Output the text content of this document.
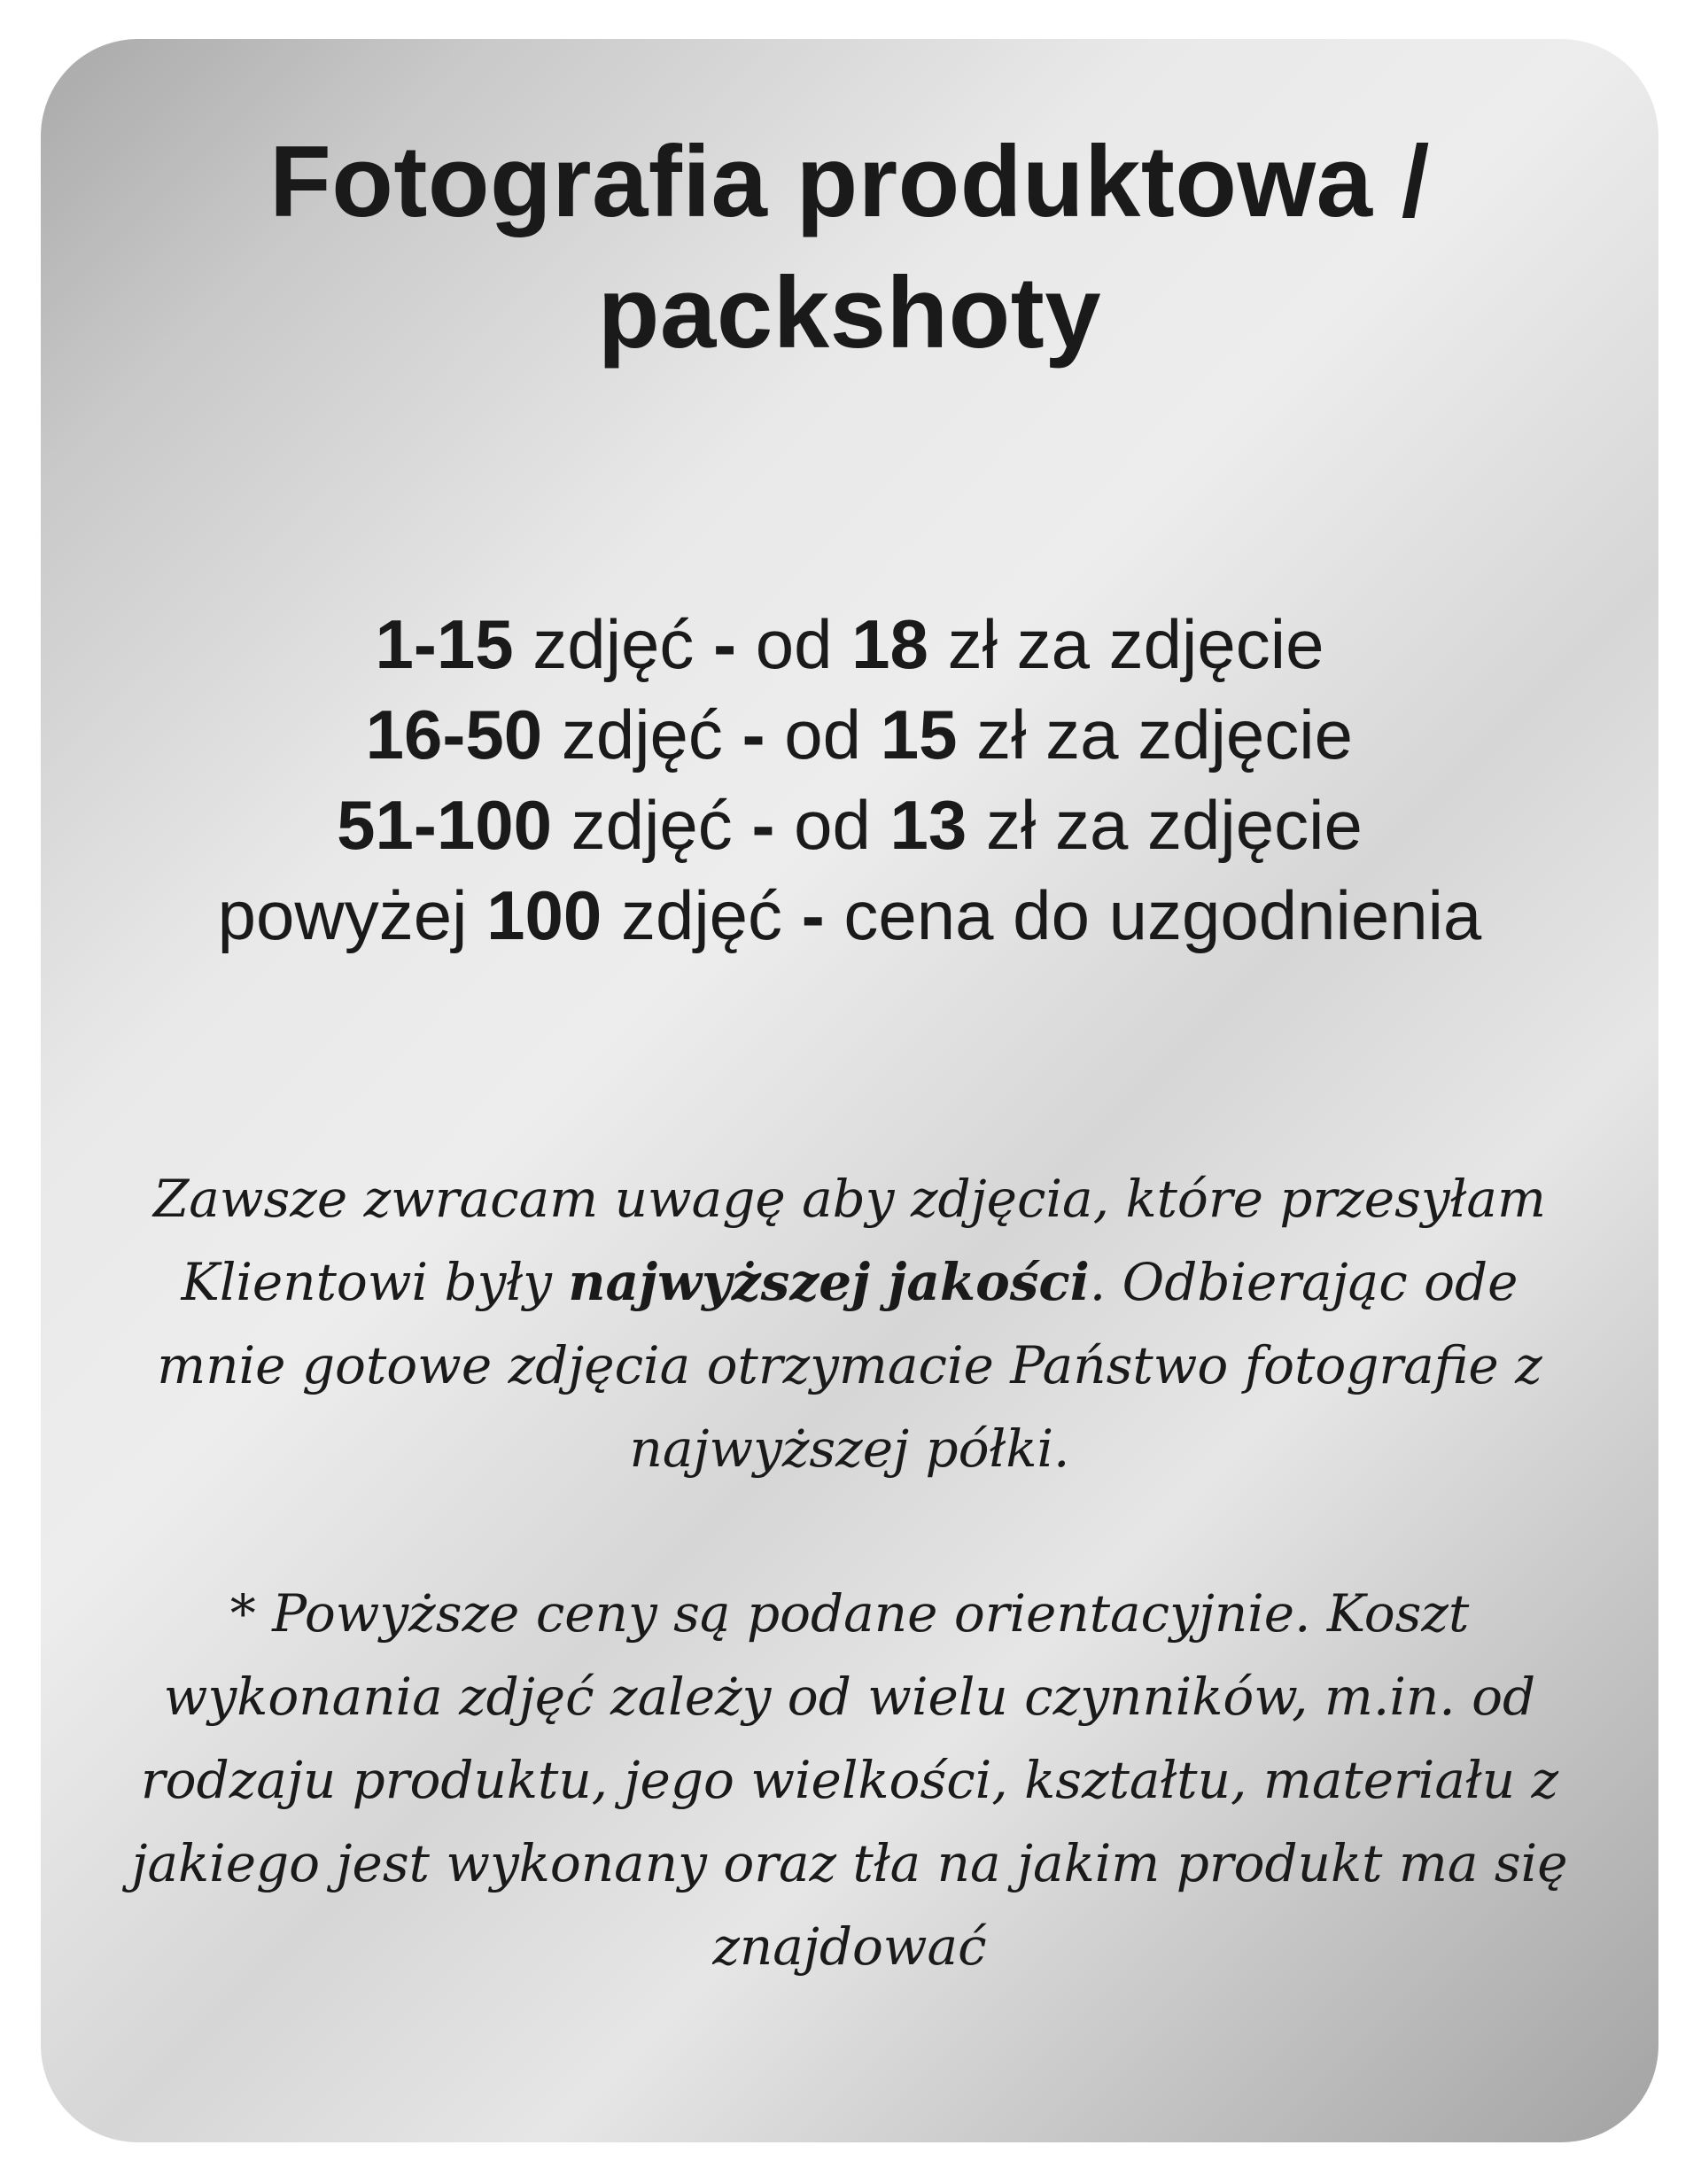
Fotografia produktowa /
packshoty
1-15 zdjęć - od 18 zł za zdjęcie
16-50 zdjęć - od 15 zł za zdjęcie
51-100 zdjęć - od 13 zł za zdjęcie
powyżej 100 zdjęć - cena do uzgodnienia

Zawsze zwracam uwagę aby zdjęcia, które przesyłam Klientowi były najwyższej jakości. Odbierając ode mnie gotowe zdjęcia otrzymacie Państwo fotografie z najwyższej półki.

* Powyższe ceny są podane orientacyjnie. Koszt wykonania zdjęć zależy od wielu czynników, m.in. od rodzaju produktu, jego wielkości, kształtu, materiału z jakiego jest wykonany oraz tła na jakim produkt ma się znajdować
